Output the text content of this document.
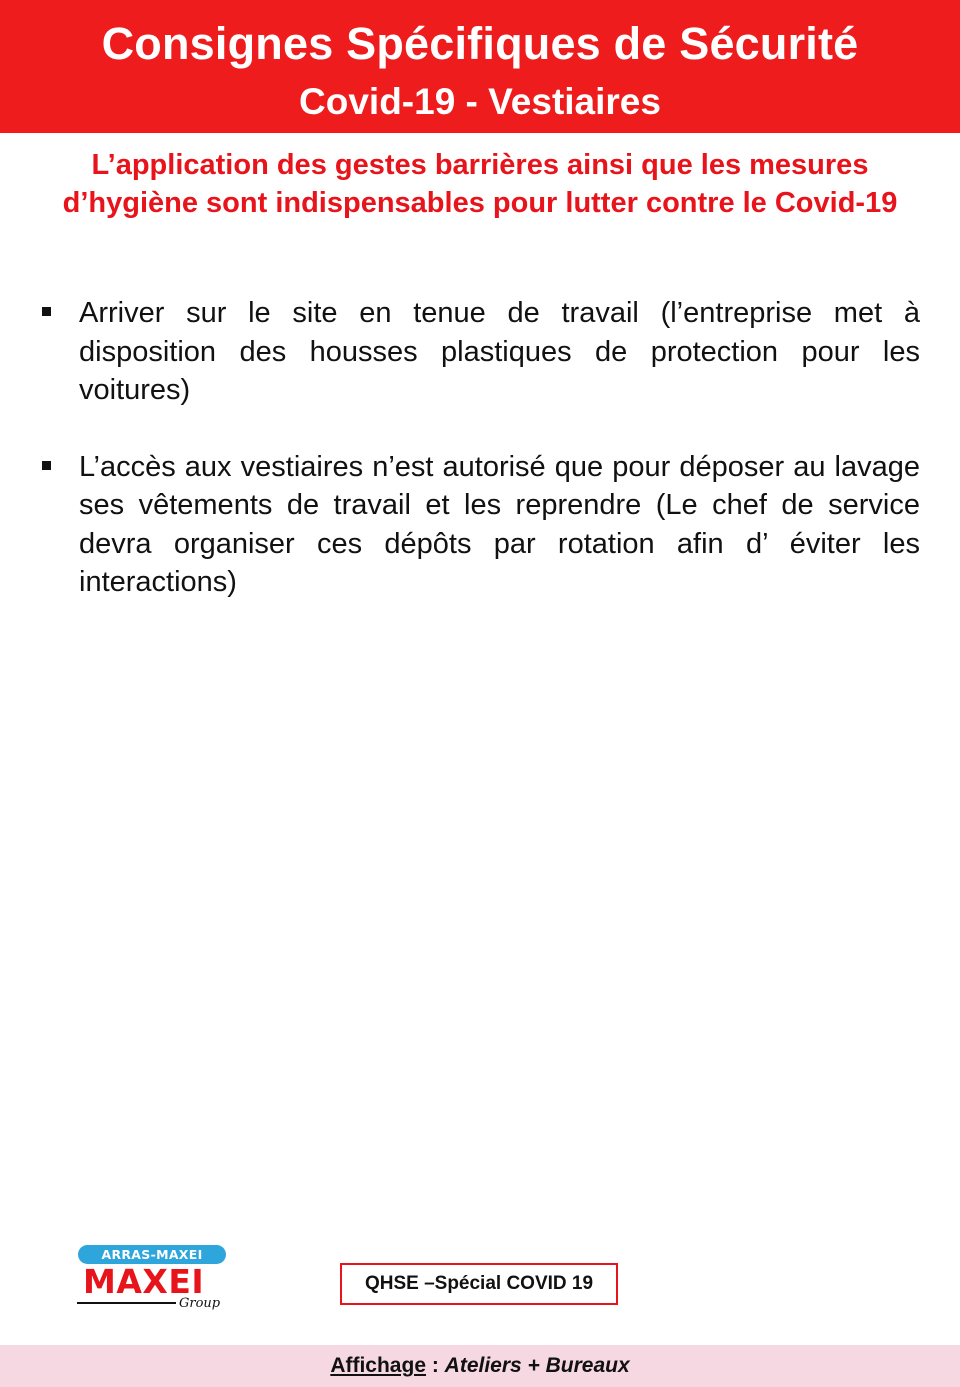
Consignes Spécifiques de Sécurité
Covid-19 - Vestiaires
L’application des gestes barrières ainsi que les mesures
d’hygiène sont indispensables pour lutter contre le Covid-19
Arriver sur le site en tenue de travail (l’entreprise met à disposition des housses plastiques de protection pour les voitures)
L’accès aux vestiaires n’est autorisé que pour déposer au lavage ses vêtements de travail et les reprendre (Le chef de service devra organiser ces dépôts par rotation afin d’ éviter les interactions)
ARRAS-MAXEI
MAXEI
Group
QHSE –Spécial COVID 19
Affichage : Ateliers + Bureaux
